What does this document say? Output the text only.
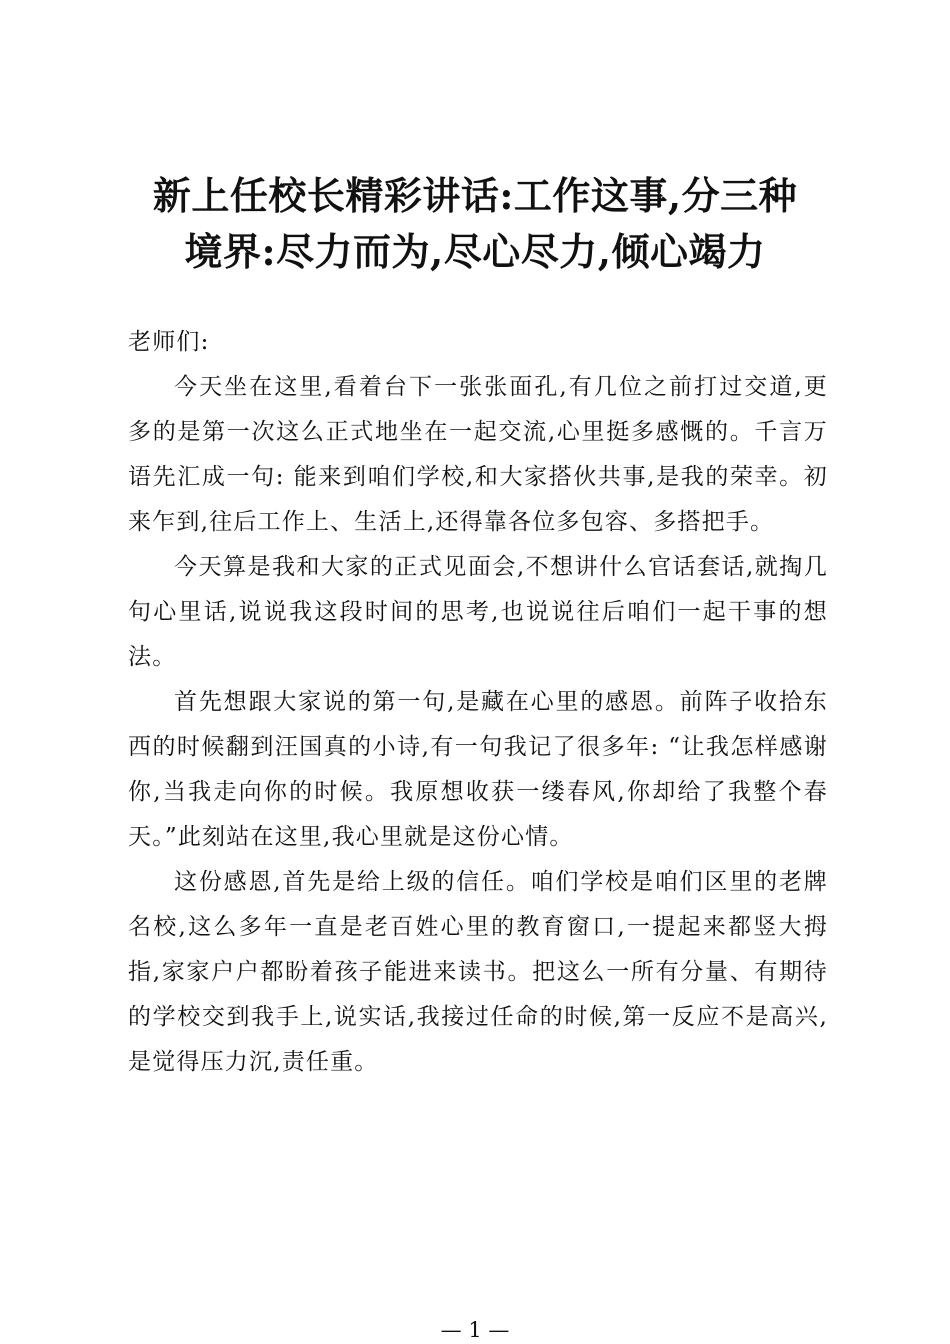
新上任校长精彩讲话:工作这事,分三种
境界:尽力而为,尽心尽力,倾心竭力

老师们:

今天坐在这里,看着台下一张张面孔,有几位之前打过交道,更多的是第一次这么正式地坐在一起交流,心里挺多感慨的。千言万语先汇成一句: 能来到咱们学校,和大家搭伙共事,是我的荣幸。初来乍到,往后工作上、生活上,还得靠各位多包容、多搭把手。

今天算是我和大家的正式见面会,不想讲什么官话套话,就掏几句心里话,说说我这段时间的思考,也说说往后咱们一起干事的想法。

首先想跟大家说的第一句,是藏在心里的感恩。前阵子收拾东西的时候翻到汪国真的小诗,有一句我记了很多年: “让我怎样感谢你,当我走向你的时候。我原想收获一缕春风,你却给了我整个春天。”此刻站在这里,我心里就是这份心情。

这份感恩,首先是给上级的信任。咱们学校是咱们区里的老牌名校,这么多年一直是老百姓心里的教育窗口,一提起来都竖大拇指,家家户户都盼着孩子能进来读书。把这么一所有分量、有期待的学校交到我手上,说实话,我接过任命的时候,第一反应不是高兴,是觉得压力沉,责任重。

— 1 —
